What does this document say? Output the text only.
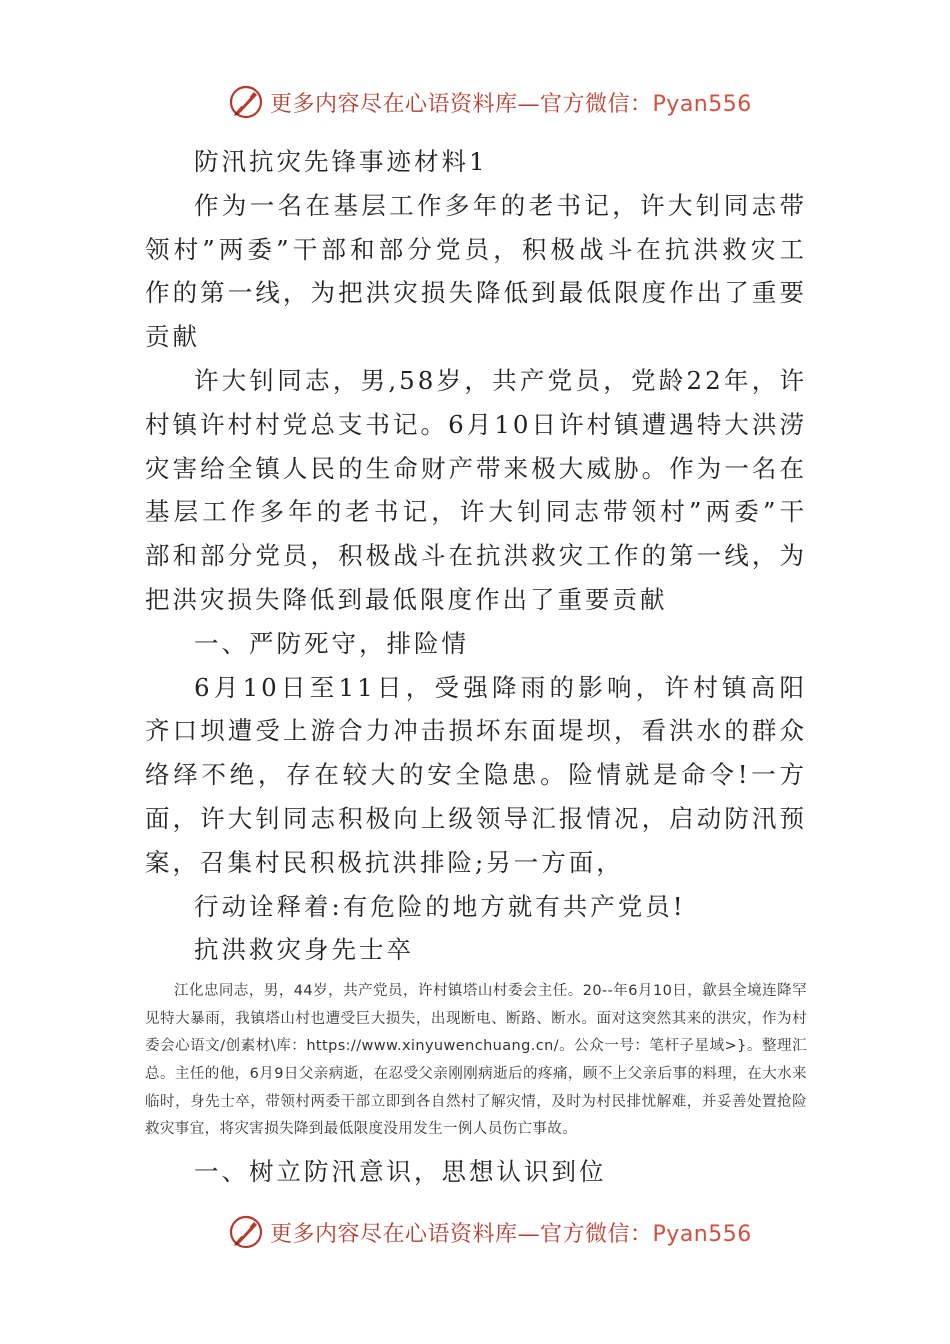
更多内容尽在心语资料库—官方微信：Pyan556

防汛抗灾先锋事迹材料1

作为一名在基层工作多年的老书记，许大钊同志带领村”两委”干部和部分党员，积极战斗在抗洪救灾工作的第一线，为把洪灾损失降低到最低限度作出了重要贡献

许大钊同志，男,58岁，共产党员，党龄22年，许村镇许村村党总支书记。6月10日许村镇遭遇特大洪涝灾害给全镇人民的生命财产带来极大威胁。作为一名在基层工作多年的老书记，许大钊同志带领村”两委”干部和部分党员，积极战斗在抗洪救灾工作的第一线，为把洪灾损失降低到最低限度作出了重要贡献

一、严防死守，排险情

6月10日至11日，受强降雨的影响，许村镇高阳齐口坝遭受上游合力冲击损坏东面堤坝，看洪水的群众络绎不绝，存在较大的安全隐患。险情就是命令!一方面，许大钊同志积极向上级领导汇报情况，启动防汛预案，召集村民积极抗洪排险;另一方面，

行动诠释着:有危险的地方就有共产党员!

抗洪救灾身先士卒

江化忠同志，男，44岁，共产党员，许村镇塔山村委会主任。20--年6月10日，歙县全境连降罕见特大暴雨，我镇塔山村也遭受巨大损失，出现断电、断路、断水。面对这突然其来的洪灾，作为村委会心语文/创素材\库：https://www.xinyuwenchuang.cn/。公众一号：笔杆子星域>}。整理汇总。主任的他，6月9日父亲病逝，在忍受父亲刚刚病逝后的疼痛，顾不上父亲后事的料理，在大水来临时，身先士卒，带领村两委干部立即到各自然村了解灾情，及时为村民排忧解难，并妥善处置抢险救灾事宜，将灾害损失降到最低限度没用发生一例人员伤亡事故。

一、树立防汛意识，思想认识到位

更多内容尽在心语资料库—官方微信：Pyan556
